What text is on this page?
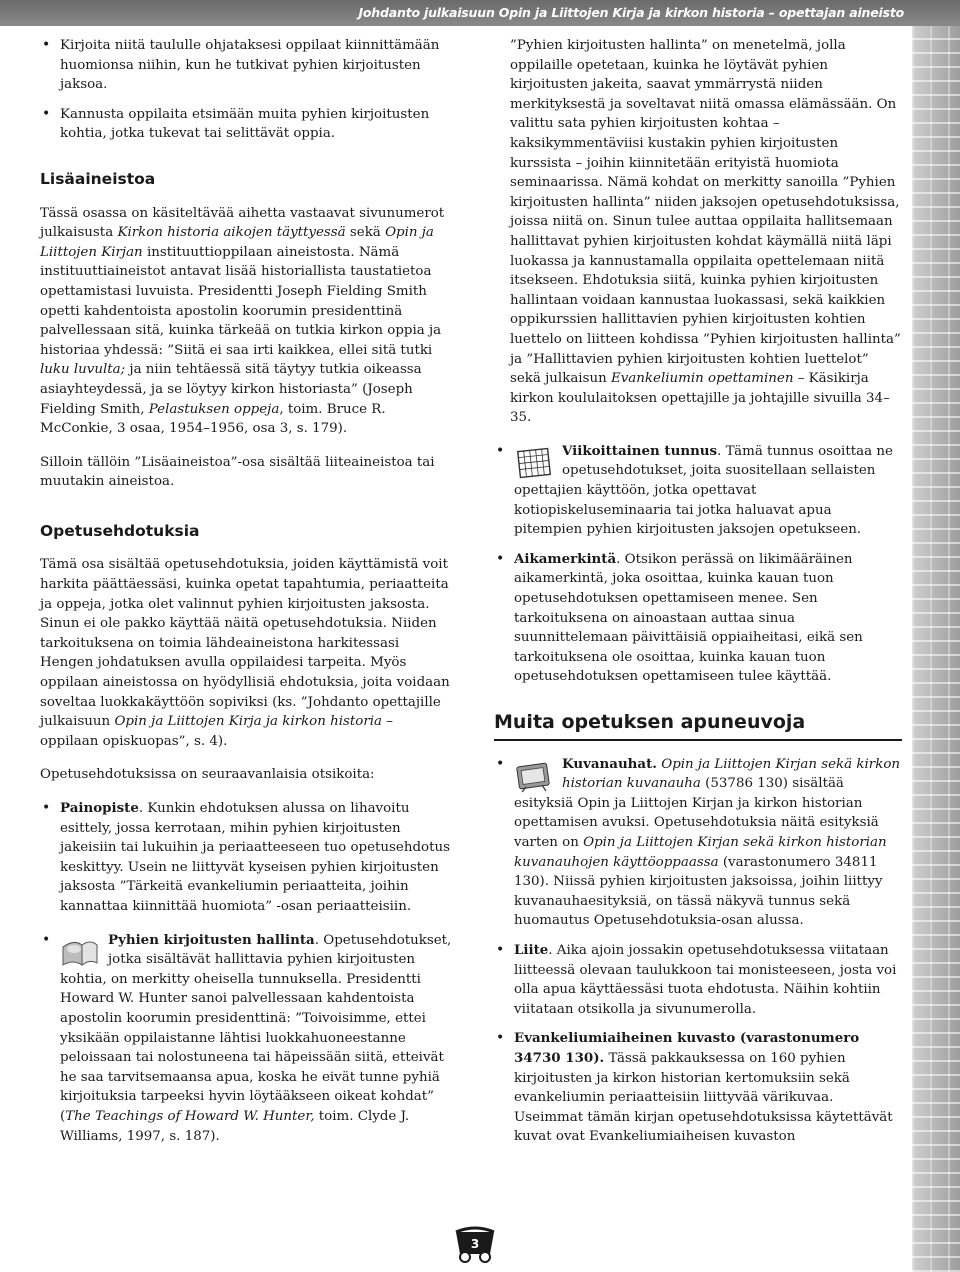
Johdanto julkaisuun Opin ja Liittojen Kirja ja kirkon historia – opettajan aineisto
• Kirjoita niitä taululle ohjataksesi oppilaat kiinnittämään huomionsa niihin, kun he tutkivat pyhien kirjoitusten jaksoa.
• Kannusta oppilaita etsimään muita pyhien kirjoitusten kohtia, jotka tukevat tai selittävät oppia.
Lisäaineistoa

Tässä osassa on käsiteltävää aihetta vastaavat sivunumerot julkaisusta Kirkon historia aikojen täyttyessä sekä Opin ja Liittojen Kirjan instituuttioppilaan aineistosta. Nämä instituuttiaineistot antavat lisää historiallista taustatietoa opettamistasi luvuista. Presidentti Joseph Fielding Smith opetti kahdentoista apostolin koorumin presidenttinä palvellessaan sitä, kuinka tärkeää on tutkia kirkon oppia ja historiaa yhdessä: ”Siitä ei saa irti kaikkea, ellei sitä tutki luku luvulta; ja niin tehtäessä sitä täytyy tutkia oikeassa asiayhteydessä, ja se löytyy kirkon historiasta” (Joseph Fielding Smith, Pelastuksen oppeja, toim. Bruce R. McConkie, 3 osaa, 1954–1956, osa 3, s. 179).

Silloin tällöin ”Lisäaineistoa”-osa sisältää liiteaineistoa tai muutakin aineistoa.

Opetusehdotuksia

Tämä osa sisältää opetusehdotuksia, joiden käyttämistä voit harkita päättäessäsi, kuinka opetat tapahtumia, periaatteita ja oppeja, jotka olet valinnut pyhien kirjoitusten jaksosta. Sinun ei ole pakko käyttää näitä opetusehdotuksia. Niiden tarkoituksena on toimia lähdeaineistona harkitessasi Hengen johdatuksen avulla oppilaidesi tarpeita. Myös oppilaan aineistossa on hyödyllisiä ehdotuksia, joita voidaan soveltaa luokkakäyttöön sopiviksi (ks. ”Johdanto opettajille julkaisuun Opin ja Liittojen Kirja ja kirkon historia – oppilaan opiskuopas”, s. 4).

Opetusehdotuksissa on seuraavanlaisia otsikoita:

• Painopiste. Kunkin ehdotuksen alussa on lihavoitu esittely, jossa kerrotaan, mihin pyhien kirjoitusten jakeisiin tai lukuihin ja periaatteeseen tuo opetusehdotus keskittyy. Usein ne liittyvät kyseisen pyhien kirjoitusten jaksosta ”Tärkeitä evankeliumin periaatteita, joihin kannattaa kiinnittää huomiota” -osan periaatteisiin.
• Pyhien kirjoitusten hallinta. Opetusehdotukset, jotka sisältävät hallittavia pyhien kirjoitusten kohtia, on merkitty oheisella tunnuksella. Presidentti Howard W. Hunter sanoi palvellessaan kahdentoista apostolin koorumin presidenttinä: ”Toivoisimme, ettei yksikään oppilaistanne lähtisi luokkahuoneestanne peloissaan tai nolostuneena tai häpeissään siitä, etteivät he saa tarvitsemaansa apua, koska he eivät tunne pyhiä kirjoituksia tarpeeksi hyvin löytääkseen oikeat kohdat” (The Teachings of Howard W. Hunter, toim. Clyde J. Williams, 1997, s. 187).

”Pyhien kirjoitusten hallinta” on menetelmä, jolla oppilaille opetetaan, kuinka he löytävät pyhien kirjoitusten jakeita, saavat ymmärrystä niiden merkityksestä ja soveltavat niitä omassa elämässään. On valittu sata pyhien kirjoitusten kohtaa – kaksikymmentäviisi kustakin pyhien kirjoitusten kurssista – joihin kiinnitetään erityistä huomiota seminaarissa. Nämä kohdat on merkitty sanoilla ”Pyhien kirjoitusten hallinta” niiden jaksojen opetusehdotuksissa, joissa niitä on. Sinun tulee auttaa oppilaita hallitsemaan hallittavat pyhien kirjoitusten kohdat käymällä niitä läpi luokassa ja kannustamalla oppilaita opettelemaan niitä itsekseen. Ehdotuksia siitä, kuinka pyhien kirjoitusten hallintaan voidaan kannustaa luokassasi, sekä kaikkien oppikurssien hallittavien pyhien kirjoitusten kohtien luettelo on liitteen kohdissa ”Pyhien kirjoitusten hallinta” ja ”Hallittavien pyhien kirjoitusten kohtien luettelot” sekä julkaisun Evankeliumin opettaminen – Käsikirja kirkon koululaitoksen opettajille ja johtajille sivuilla 34–35.

• Viikoittainen tunnus. Tämä tunnus osoittaa ne opetusehdotukset, joita suositellaan sellaisten opettajien käyttöön, jotka opettavat kotiopiskeluseminaaria tai jotka haluavat apua pitempien pyhien kirjoitusten jaksojen opetukseen.
• Aikamerkintä. Otsikon perässä on likimääräinen aikamerkintä, joka osoittaa, kuinka kauan tuon opetusehdotuksen opettamiseen menee. Sen tarkoituksena on ainoastaan auttaa sinua suunnittelemaan päivittäisiä oppiaiheitasi, eikä sen tarkoituksena ole osoittaa, kuinka kauan tuon opetusehdotuksen opettamiseen tulee käyttää.
Muita opetuksen apuneuvoja
• Kuvanauhat. Opin ja Liittojen Kirjan sekä kirkon historian kuvanauha (53786 130) sisältää esityksiä Opin ja Liittojen Kirjan ja kirkon historian opettamisen avuksi. Opetusehdotuksia näitä esityksiä varten on Opin ja Liittojen Kirjan sekä kirkon historian kuvanauhojen käyttöoppaassa (varastonumero 34811 130). Niissä pyhien kirjoitusten jaksoissa, joihin liittyy kuvanauhaesityksiä, on tässä näkyvä tunnus sekä huomautus Opetusehdotuksia-osan alussa.
• Liite. Aika ajoin jossakin opetusehdotuksessa viitataan liitteessä olevaan taulukkoon tai monisteeseen, josta voi olla apua käyttäessäsi tuota ehdotusta. Näihin kohtiin viitataan otsikolla ja sivunumerolla.
• Evankeliumiaiheinen kuvasto (varastonumero 34730 130). Tässä pakkauksessa on 160 pyhien kirjoitusten ja kirkon historian kertomuksiin sekä evankeliumin periaatteisiin liittyvää värikuvaa. Useimmat tämän kirjan opetusehdotuksissa käytettävät kuvat ovat Evankeliumiaiheisen kuvaston
3
